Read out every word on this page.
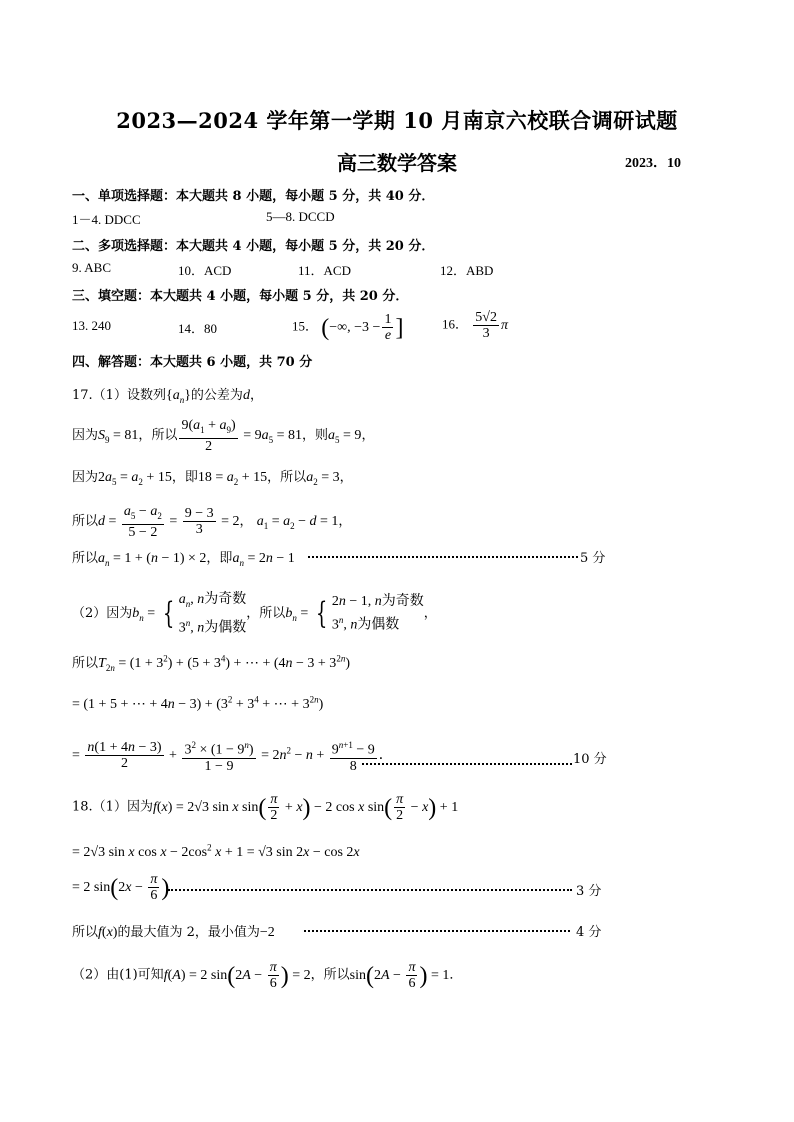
2023—2024 学年第一学期 10 月南京六校联合调研试题
高三数学答案	2023．10
一、单项选择题：本大题共 8 小题，每小题 5 分，共 40 分．
1－4. DDCC	5—8. DCCD
二、多项选择题：本大题共 4 小题，每小题 5 分，共 20 分．
9. ABC	10．ACD	11．ACD	12．ABD
三、填空题：本大题共 4 小题，每小题 5 分，共 20 分．
13. 240	14．80	15． (−∞, $-3 - \frac{1}{e}$ ]	16． $\frac{5√2}{3}$ π
四、解答题：本大题共 6 小题，共 70 分
17.（1）设数列$\{a_n\}$的公差为d，
因为$S_9 = 81$，所以 $\frac{9(a_1 + a_9)}{2} = 9a_5 = 81$，则$a_5 = 9$，
因为$2a_5 = a_2 + 15$，即$18 = a_2 + 15$，所以$a_2 = 3$，
所以$d = \frac{a_5 - a_2}{5 - 2} = \frac{9 - 3}{3} = 2$， $a_1 = a_2 - d = 1$，
所以$a_n = 1 + (n - 1) \times 2$，即$a_n = 2n - 1$	5 分
（2）因为$b_n$ = { $a_n$, n为奇数
3$^n$, n为偶数
，所以$b_n$ = { 2n − 1, n为奇数
3$^n$, n为偶数
，
所以$T_{2n} = (1 + 3^2) + (5 + 3^4)$ + ⋯ + $(4n - 3 + 3^{2n})$
= (1 + 5 + ⋯ + $4n - 3) + (3^2 + 3^4$ + ⋯ + $3^{2n}$)
= $\frac{n(1 + 4n - 3)}{2} + \frac{3^2 \times (1 - 9^n)}{1 - 9} = 2n^2 - n + \frac{9^{n+1} - 9}{8}$ ．	10 分
18.（1）因为f(x) = 2√3 sin x $\sin( \frac{\pi}{2} + x) - 2$ cos x $\sin( \frac{\pi}{2} - x) + 1$
= 2√3 sin x $\cos x - 2\cos^2$ x + 1 = √3 sin 2x − cos 2x
= 2 $\sin(2x - \frac{\pi}{6}$ )	3 分
所以f(x)的最大值为 2，最小值为−2	4 分
（2）由(1)可知f(A) = 2 $\sin(2A - \frac{\pi}{6}$ ) = 2，所以$\sin(2A - \frac{\pi}{6}$ ) = 1．
